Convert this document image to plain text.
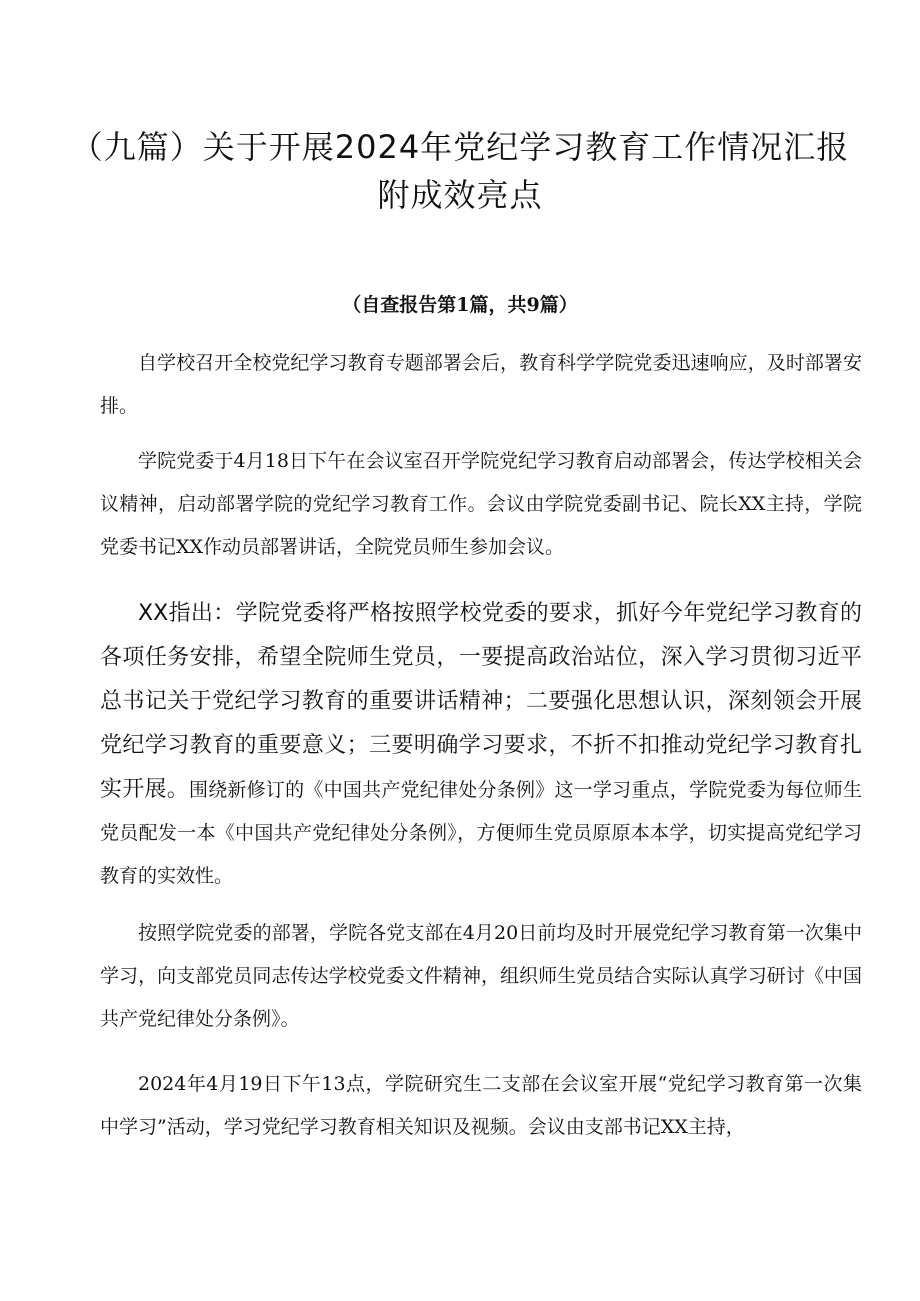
（九篇）关于开展2024年党纪学习教育工作情况汇报
附成效亮点

（自查报告第1篇，共9篇）

自学校召开全校党纪学习教育专题部署会后，教育科学学院党委迅速响应，及时部署安排。

学院党委于4月18日下午在会议室召开学院党纪学习教育启动部署会，传达学校相关会议精神，启动部署学院的党纪学习教育工作。会议由学院党委副书记、院长XX主持，学院党委书记XX作动员部署讲话，全院党员师生参加会议。

XX指出：学院党委将严格按照学校党委的要求，抓好今年党纪学习教育的各项任务安排，希望全院师生党员，一要提高政治站位，深入学习贯彻习近平总书记关于党纪学习教育的重要讲话精神；二要强化思想认识，深刻领会开展党纪学习教育的重要意义；三要明确学习要求，不折不扣推动党纪学习教育扎实开展。围绕新修订的《中国共产党纪律处分条例》这一学习重点，学院党委为每位师生党员配发一本《中国共产党纪律处分条例》，方便师生党员原原本本学，切实提高党纪学习教育的实效性。

按照学院党委的部署，学院各党支部在4月20日前均及时开展党纪学习教育第一次集中学习，向支部党员同志传达学校党委文件精神，组织师生党员结合实际认真学习研讨《中国共产党纪律处分条例》。

2024年4月19日下午13点，学院研究生二支部在会议室开展“党纪学习教育第一次集中学习”活动，学习党纪学习教育相关知识及视频。会议由支部书记XX主持，
